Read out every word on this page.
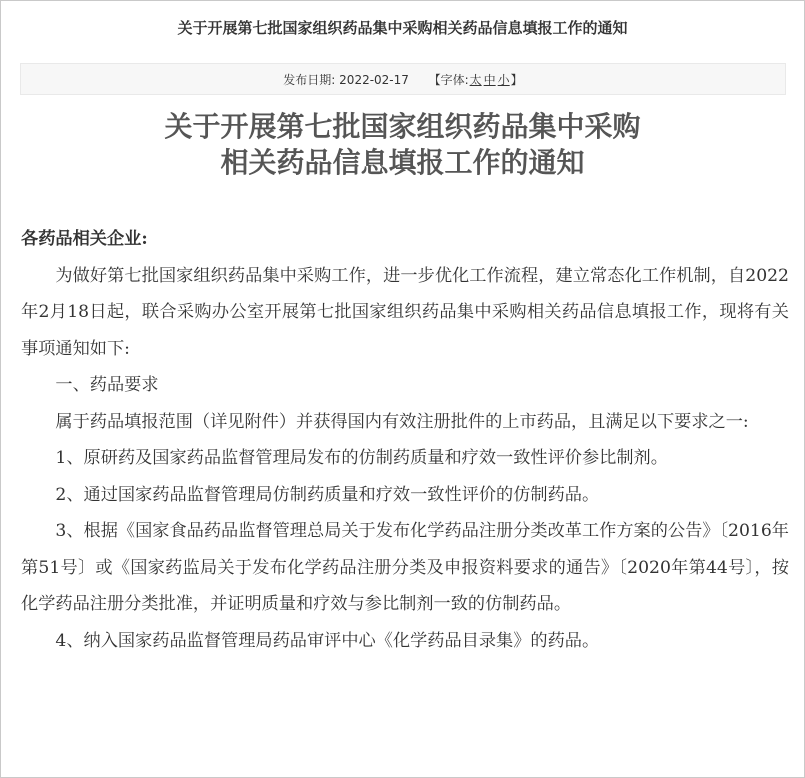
关于开展第七批国家组织药品集中采购相关药品信息填报工作的通知
发布日期: 2022-02-17 【字体:太 中 小】
关于开展第七批国家组织药品集中采购
相关药品信息填报工作的通知

各药品相关企业:

为做好第七批国家组织药品集中采购工作，进一步优化工作流程，建立常态化工作机制，自2022年2月18日起，联合采购办公室开展第七批国家组织药品集中采购相关药品信息填报工作，现将有关事项通知如下:

一、药品要求

属于药品填报范围（详见附件）并获得国内有效注册批件的上市药品，且满足以下要求之一:

1、原研药及国家药品监督管理局发布的仿制药质量和疗效一致性评价参比制剂。

2、通过国家药品监督管理局仿制药质量和疗效一致性评价的仿制药品。

3、根据《国家食品药品监督管理总局关于发布化学药品注册分类改革工作方案的公告》〔2016年第51号〕或《国家药监局关于发布化学药品注册分类及申报资料要求的通告》〔2020年第44号〕，按化学药品注册分类批准，并证明质量和疗效与参比制剂一致的仿制药品。

4、纳入国家药品监督管理局药品审评中心《化学药品目录集》的药品。
